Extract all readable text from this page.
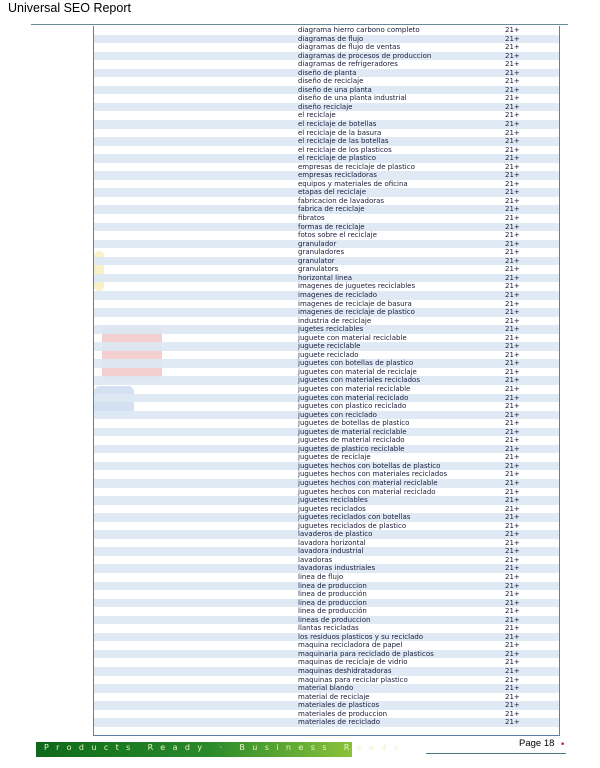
Universal SEO Report
diagrama hierro carbono completo	21+
diagramas de flujo	21+
diagramas de flujo de ventas	21+
diagramas de procesos de produccion	21+
diagramas de refrigeradores	21+
diseño de planta	21+
diseño de reciclaje	21+
diseño de una planta	21+
diseño de una planta industrial	21+
diseño reciclaje	21+
el reciclaje	21+
el reciclaje de botellas	21+
el reciclaje de la basura	21+
el reciclaje de las botellas	21+
el reciclaje de los plasticos	21+
el reciclaje de plastico	21+
empresas de reciclaje de plastico	21+
empresas recicladoras	21+
equipos y materiales de oficina	21+
etapas del reciclaje	21+
fabricacion de lavadoras	21+
fabrica de reciclaje	21+
fibratos	21+
formas de reciclaje	21+
fotos sobre el reciclaje	21+
granulador	21+
granuladores	21+
granulator	21+
granulators	21+
horizontal linea	21+
imagenes de juguetes reciclables	21+
imagenes de reciclado	21+
imagenes de reciclaje de basura	21+
imagenes de reciclaje de plastico	21+
industria de reciclaje	21+
jugetes reciclables	21+
juguete con material reciclable	21+
juguete reciclable	21+
juguete reciclado	21+
juguetes con botellas de plastico	21+
juguetes con material de reciclaje	21+
juguetes con materiales reciclados	21+
juguetes con material reciclable	21+
juguetes con material reciclado	21+
juguetes con plastico reciclado	21+
juguetes con reciclado	21+
juguetes de botellas de plastico	21+
juguetes de material reciclable	21+
juguetes de material reciclado	21+
juguetes de plastico reciclable	21+
juguetes de reciclaje	21+
juguetes hechos con botellas de plastico	21+
juguetes hechos con materiales reciclados	21+
juguetes hechos con material reciclable	21+
juguetes hechos con material reciclado	21+
juguetes reciclables	21+
juguetes reciclados	21+
juguetes reciclados con botellas	21+
juguetes reciclados de plastico	21+
lavaderos de plastico	21+
lavadora horizontal	21+
lavadora industrial	21+
lavadoras	21+
lavadoras industriales	21+
linea de flujo	21+
linea de produccion	21+
linea de producción	21+
linea de produccion	21+
linea de producción	21+
lineas de produccion	21+
llantas recicladas	21+
los residuos plasticos y su reciclado	21+
maquina recicladora de papel	21+
maquinaria para reciclado de plasticos	21+
maquinas de reciclaje de vidrio	21+
maquinas deshidratadoras	21+
maquinas para reciclar plastico	21+
material blando	21+
material de reciclaje	21+
materiales de plasticos	21+
materiales de produccion	21+
materiales de reciclado	21+
Page 18 •
Products Ready · Business Ready
